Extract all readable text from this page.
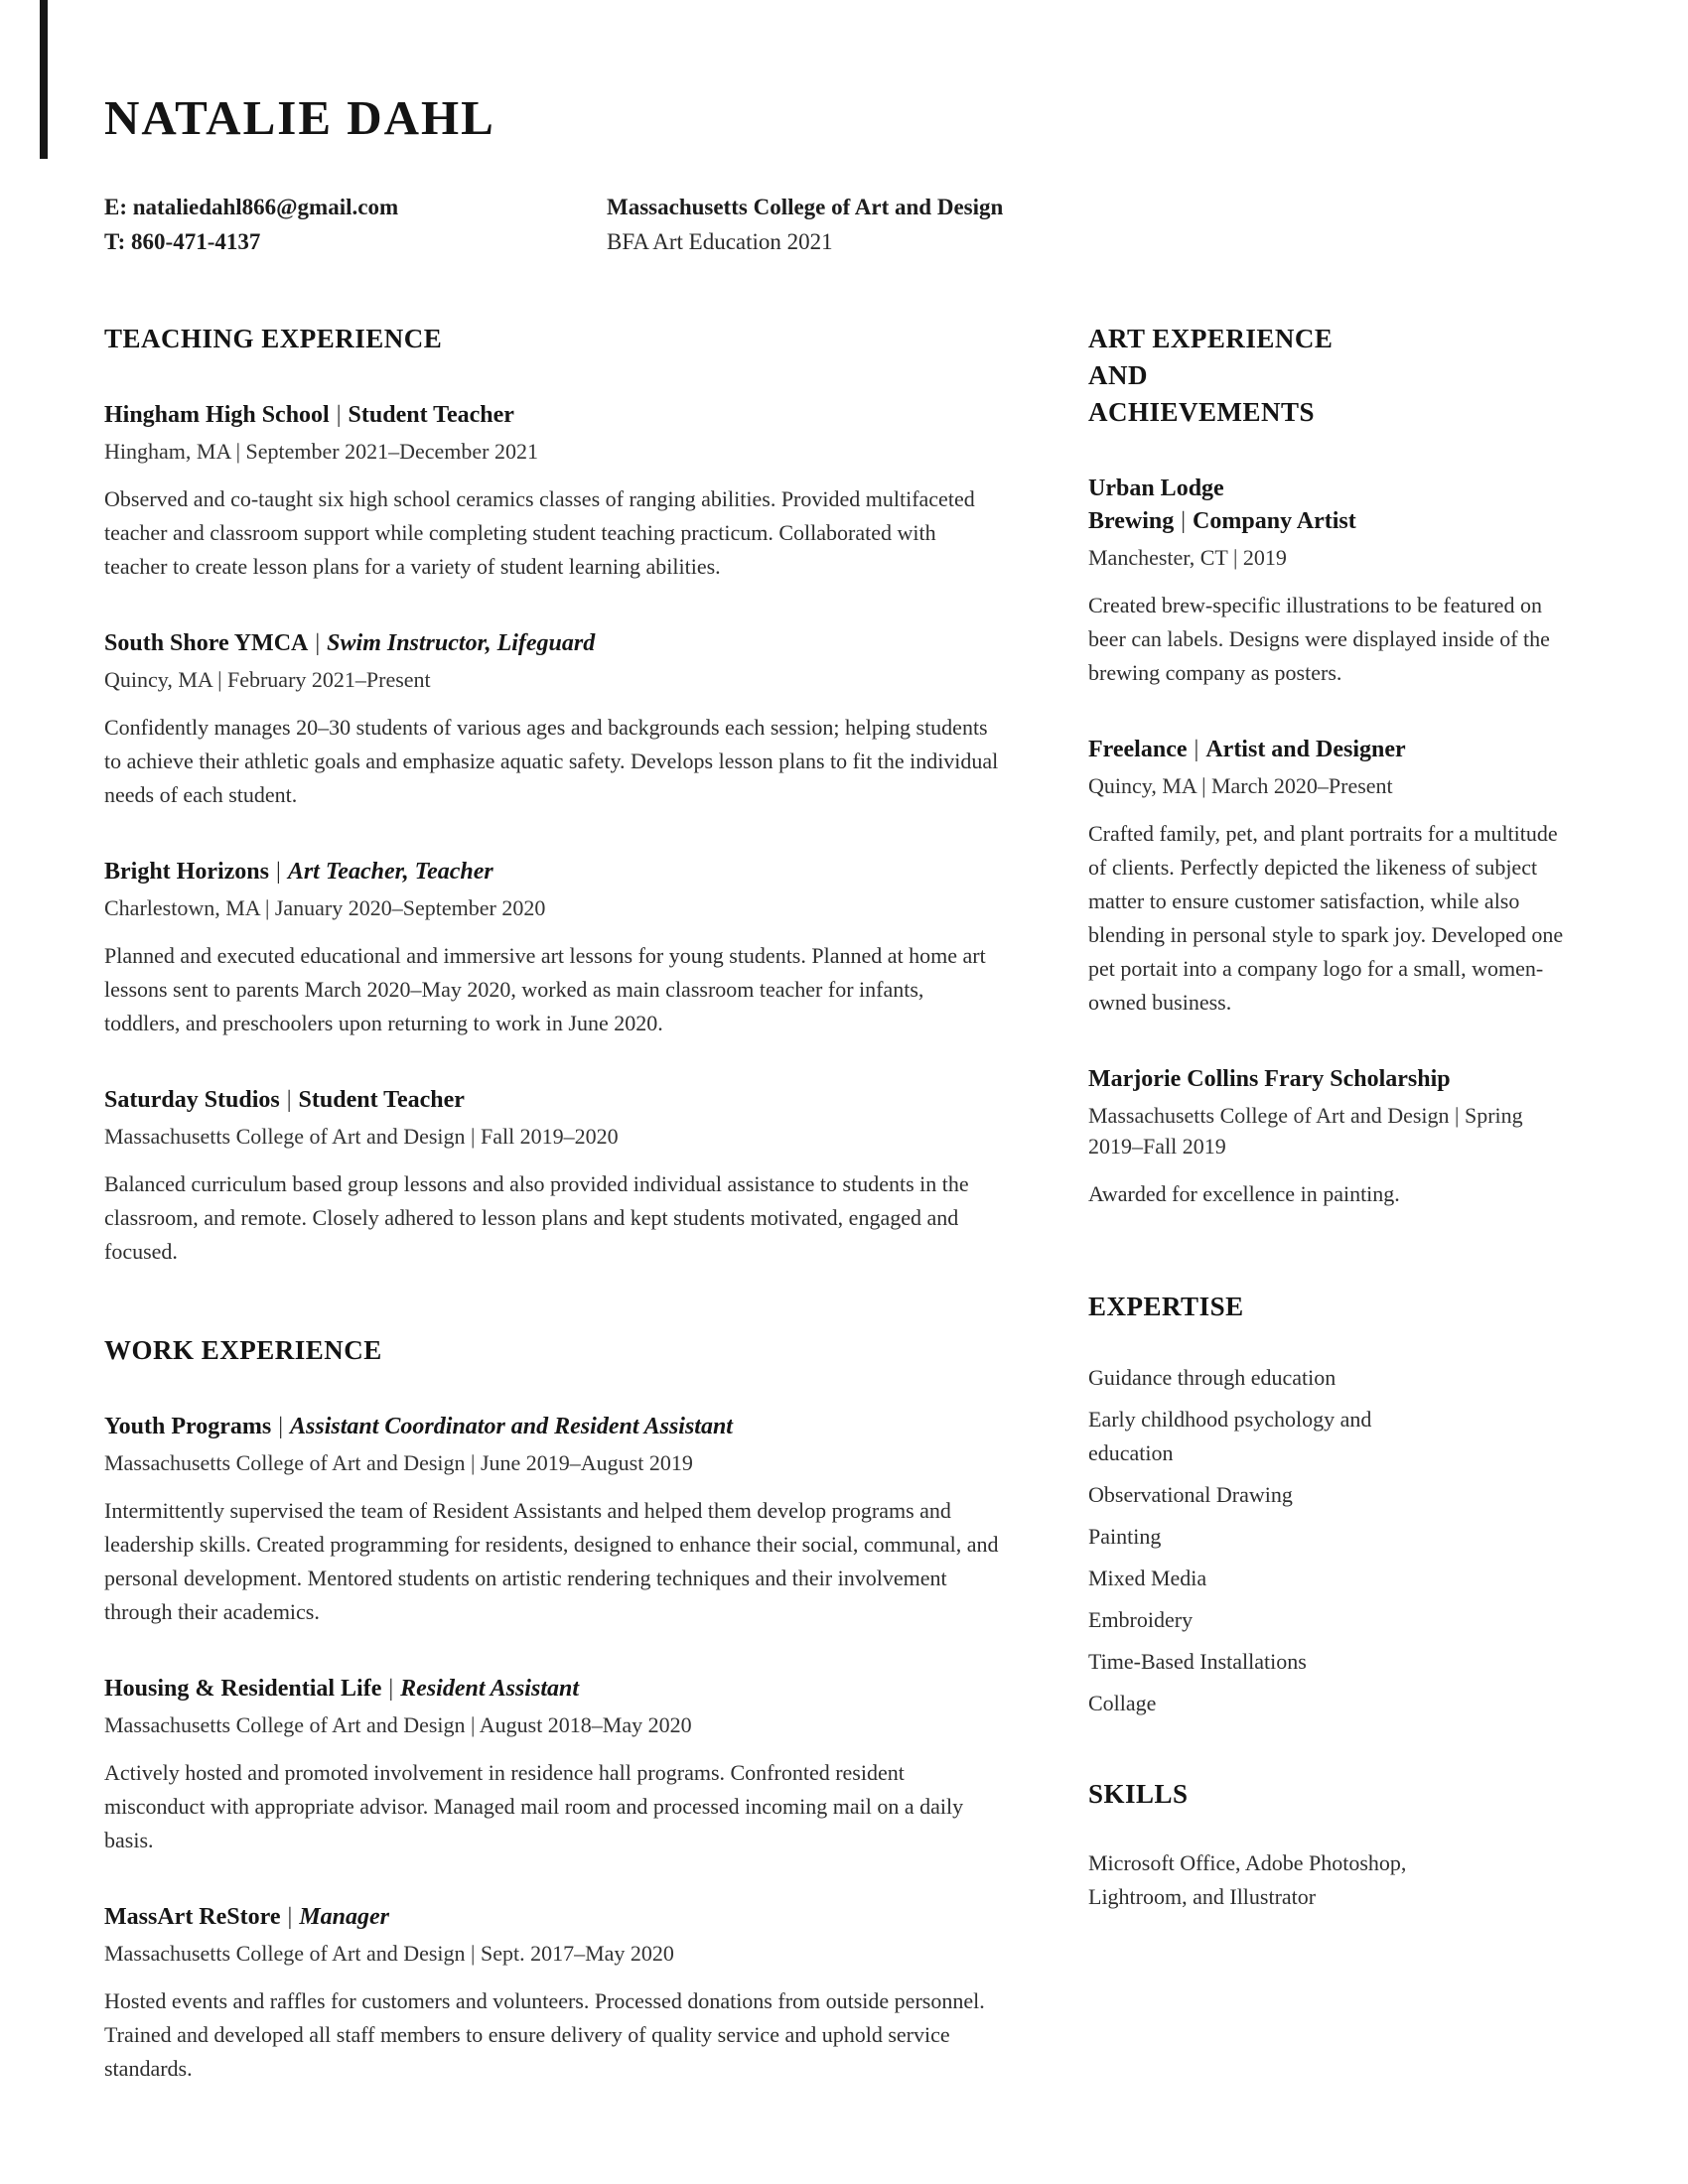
NATALIE DAHL
E: nataliedahl866@gmail.com
T: 860-471-4137
Massachusetts College of Art and Design
BFA Art Education 2021
TEACHING EXPERIENCE
Hingham High School | Student Teacher
Hingham, MA | September 2021–December 2021

Observed and co-taught six high school ceramics classes of ranging abilities. Provided multifaceted teacher and classroom support while completing student teaching practicum. Collaborated with teacher to create lesson plans for a variety of student learning abilities.

South Shore YMCA | Swim Instructor, Lifeguard
Quincy, MA | February 2021–Present

Confidently manages 20–30 students of various ages and backgrounds each session; helping students to achieve their athletic goals and emphasize aquatic safety. Develops lesson plans to fit the individual needs of each student.

Bright Horizons | Art Teacher, Teacher
Charlestown, MA | January 2020–September 2020

Planned and executed educational and immersive art lessons for young students. Planned at home art lessons sent to parents March 2020–May 2020, worked as main classroom teacher for infants, toddlers, and preschoolers upon returning to work in June 2020.

Saturday Studios | Student Teacher
Massachusetts College of Art and Design | Fall 2019–2020

Balanced curriculum based group lessons and also provided individual assistance to students in the classroom, and remote. Closely adhered to lesson plans and kept students motivated, engaged and focused.

WORK EXPERIENCE
Youth Programs | Assistant Coordinator and Resident Assistant
Massachusetts College of Art and Design | June 2019–August 2019

Intermittently supervised the team of Resident Assistants and helped them develop programs and leadership skills. Created programming for residents, designed to enhance their social, communal, and personal development. Mentored students on artistic rendering techniques and their involvement through their academics.

Housing & Residential Life | Resident Assistant
Massachusetts College of Art and Design | August 2018–May 2020

Actively hosted and promoted involvement in residence hall programs. Confronted resident misconduct with appropriate advisor. Managed mail room and processed incoming mail on a daily basis.

MassArt ReStore | Manager
Massachusetts College of Art and Design | Sept. 2017–May 2020

Hosted events and raffles for customers and volunteers. Processed donations from outside personnel. Trained and developed all staff members to ensure delivery of quality service and uphold service standards.

ART EXPERIENCE AND ACHIEVEMENTS
Urban Lodge Brewing | Company Artist
Manchester, CT | 2019

Created brew-specific illustrations to be featured on beer can labels. Designs were displayed inside of the brewing company as posters.

Freelance | Artist and Designer
Quincy, MA | March 2020–Present

Crafted family, pet, and plant portraits for a multitude of clients. Perfectly depicted the likeness of subject matter to ensure customer satisfaction, while also blending in personal style to spark joy. Developed one pet portait into a company logo for a small, women-owned business.

Marjorie Collins Frary Scholarship
Massachusetts College of Art and Design | Spring 2019–Fall 2019

Awarded for excellence in painting.

EXPERTISE
Guidance through education
Early childhood psychology and education
Observational Drawing
Painting
Mixed Media
Embroidery
Time-Based Installations
Collage
SKILLS

Microsoft Office, Adobe Photoshop, Lightroom, and Illustrator
